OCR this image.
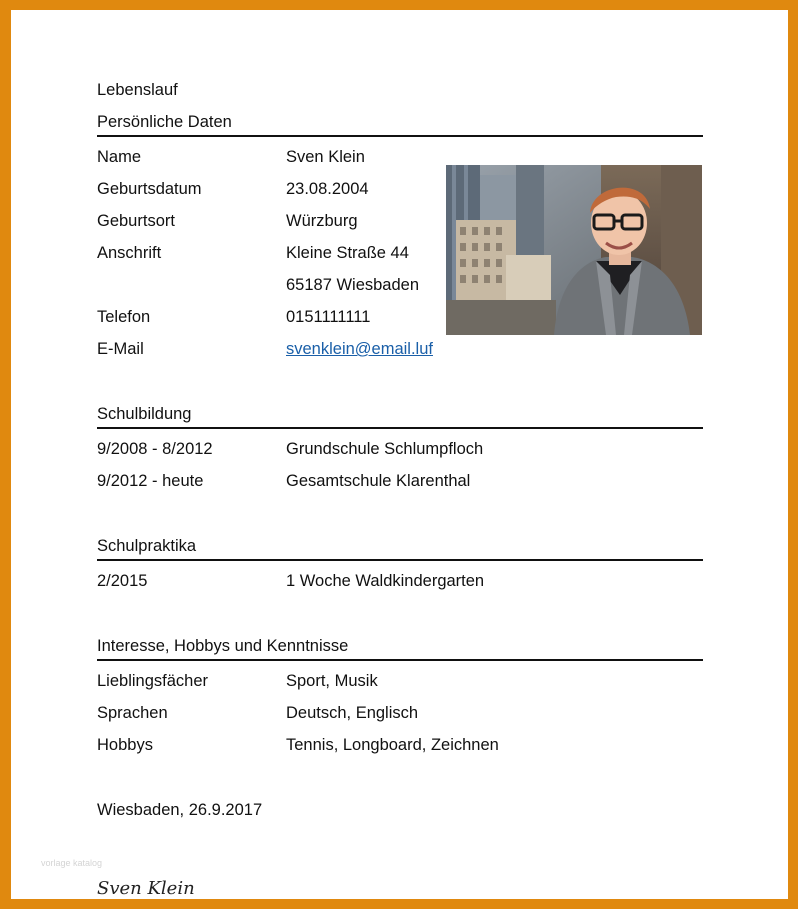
vorlage katalog
Lebenslauf
Persönliche Daten
Name	Sven Klein
Geburtsdatum	23.08.2004
Geburtsort	Würzburg
Anschrift	Kleine Straße 44
65187 Wiesbaden
Telefon	0151111111
E-Mail	svenklein@email.luf
Schulbildung
9/2008 - 8/2012	Grundschule Schlumpfloch
9/2012 - heute	Gesamtschule Klarenthal
Schulpraktika
2/2015	1 Woche Waldkindergarten
Interesse, Hobbys und Kenntnisse
Lieblingsfächer	Sport, Musik
Sprachen	Deutsch, Englisch
Hobbys	Tennis, Longboard, Zeichnen
Wiesbaden, 26.9.2017
Sven Klein
